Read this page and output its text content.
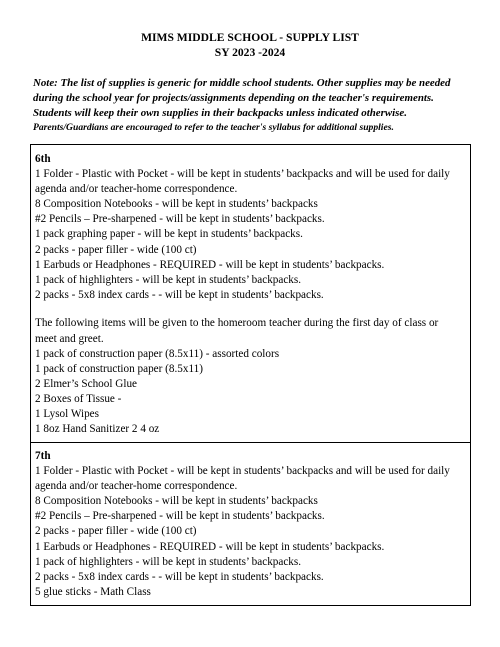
MIMS MIDDLE SCHOOL - SUPPLY LIST
SY 2023 -2024
Note: The list of supplies is generic for middle school students. Other supplies may be needed
during the school year for projects/assignments depending on the teacher's requirements.
Students will keep their own supplies in their backpacks unless indicated otherwise.
Parents/Guardians are encouraged to refer to the teacher's syllabus for additional supplies.
6th
1 Folder - Plastic with Pocket - will be kept in students’ backpacks and will be used for daily
agenda and/or teacher-home correspondence.
8 Composition Notebooks - will be kept in students’ backpacks
#2 Pencils – Pre-sharpened - will be kept in students’ backpacks.
1 pack graphing paper - will be kept in students’ backpacks.
2 packs - paper filler - wide (100 ct)
1 Earbuds or Headphones - REQUIRED - will be kept in students’ backpacks.
1 pack of highlighters - will be kept in students’ backpacks.
2 packs - 5x8 index cards - - will be kept in students’ backpacks.
The following items will be given to the homeroom teacher during the first day of class or
meet and greet.
1 pack of construction paper (8.5x11) - assorted colors
1 pack of construction paper (8.5x11)
2 Elmer’s School Glue
2 Boxes of Tissue -
1 Lysol Wipes
1 8oz Hand Sanitizer 2 4 oz
7th
1 Folder - Plastic with Pocket - will be kept in students’ backpacks and will be used for daily
agenda and/or teacher-home correspondence.
8 Composition Notebooks - will be kept in students’ backpacks
#2 Pencils – Pre-sharpened - will be kept in students’ backpacks.
2 packs - paper filler - wide (100 ct)
1 Earbuds or Headphones - REQUIRED - will be kept in students’ backpacks.
1 pack of highlighters - will be kept in students’ backpacks.
2 packs - 5x8 index cards - - will be kept in students’ backpacks.
5 glue sticks - Math Class
